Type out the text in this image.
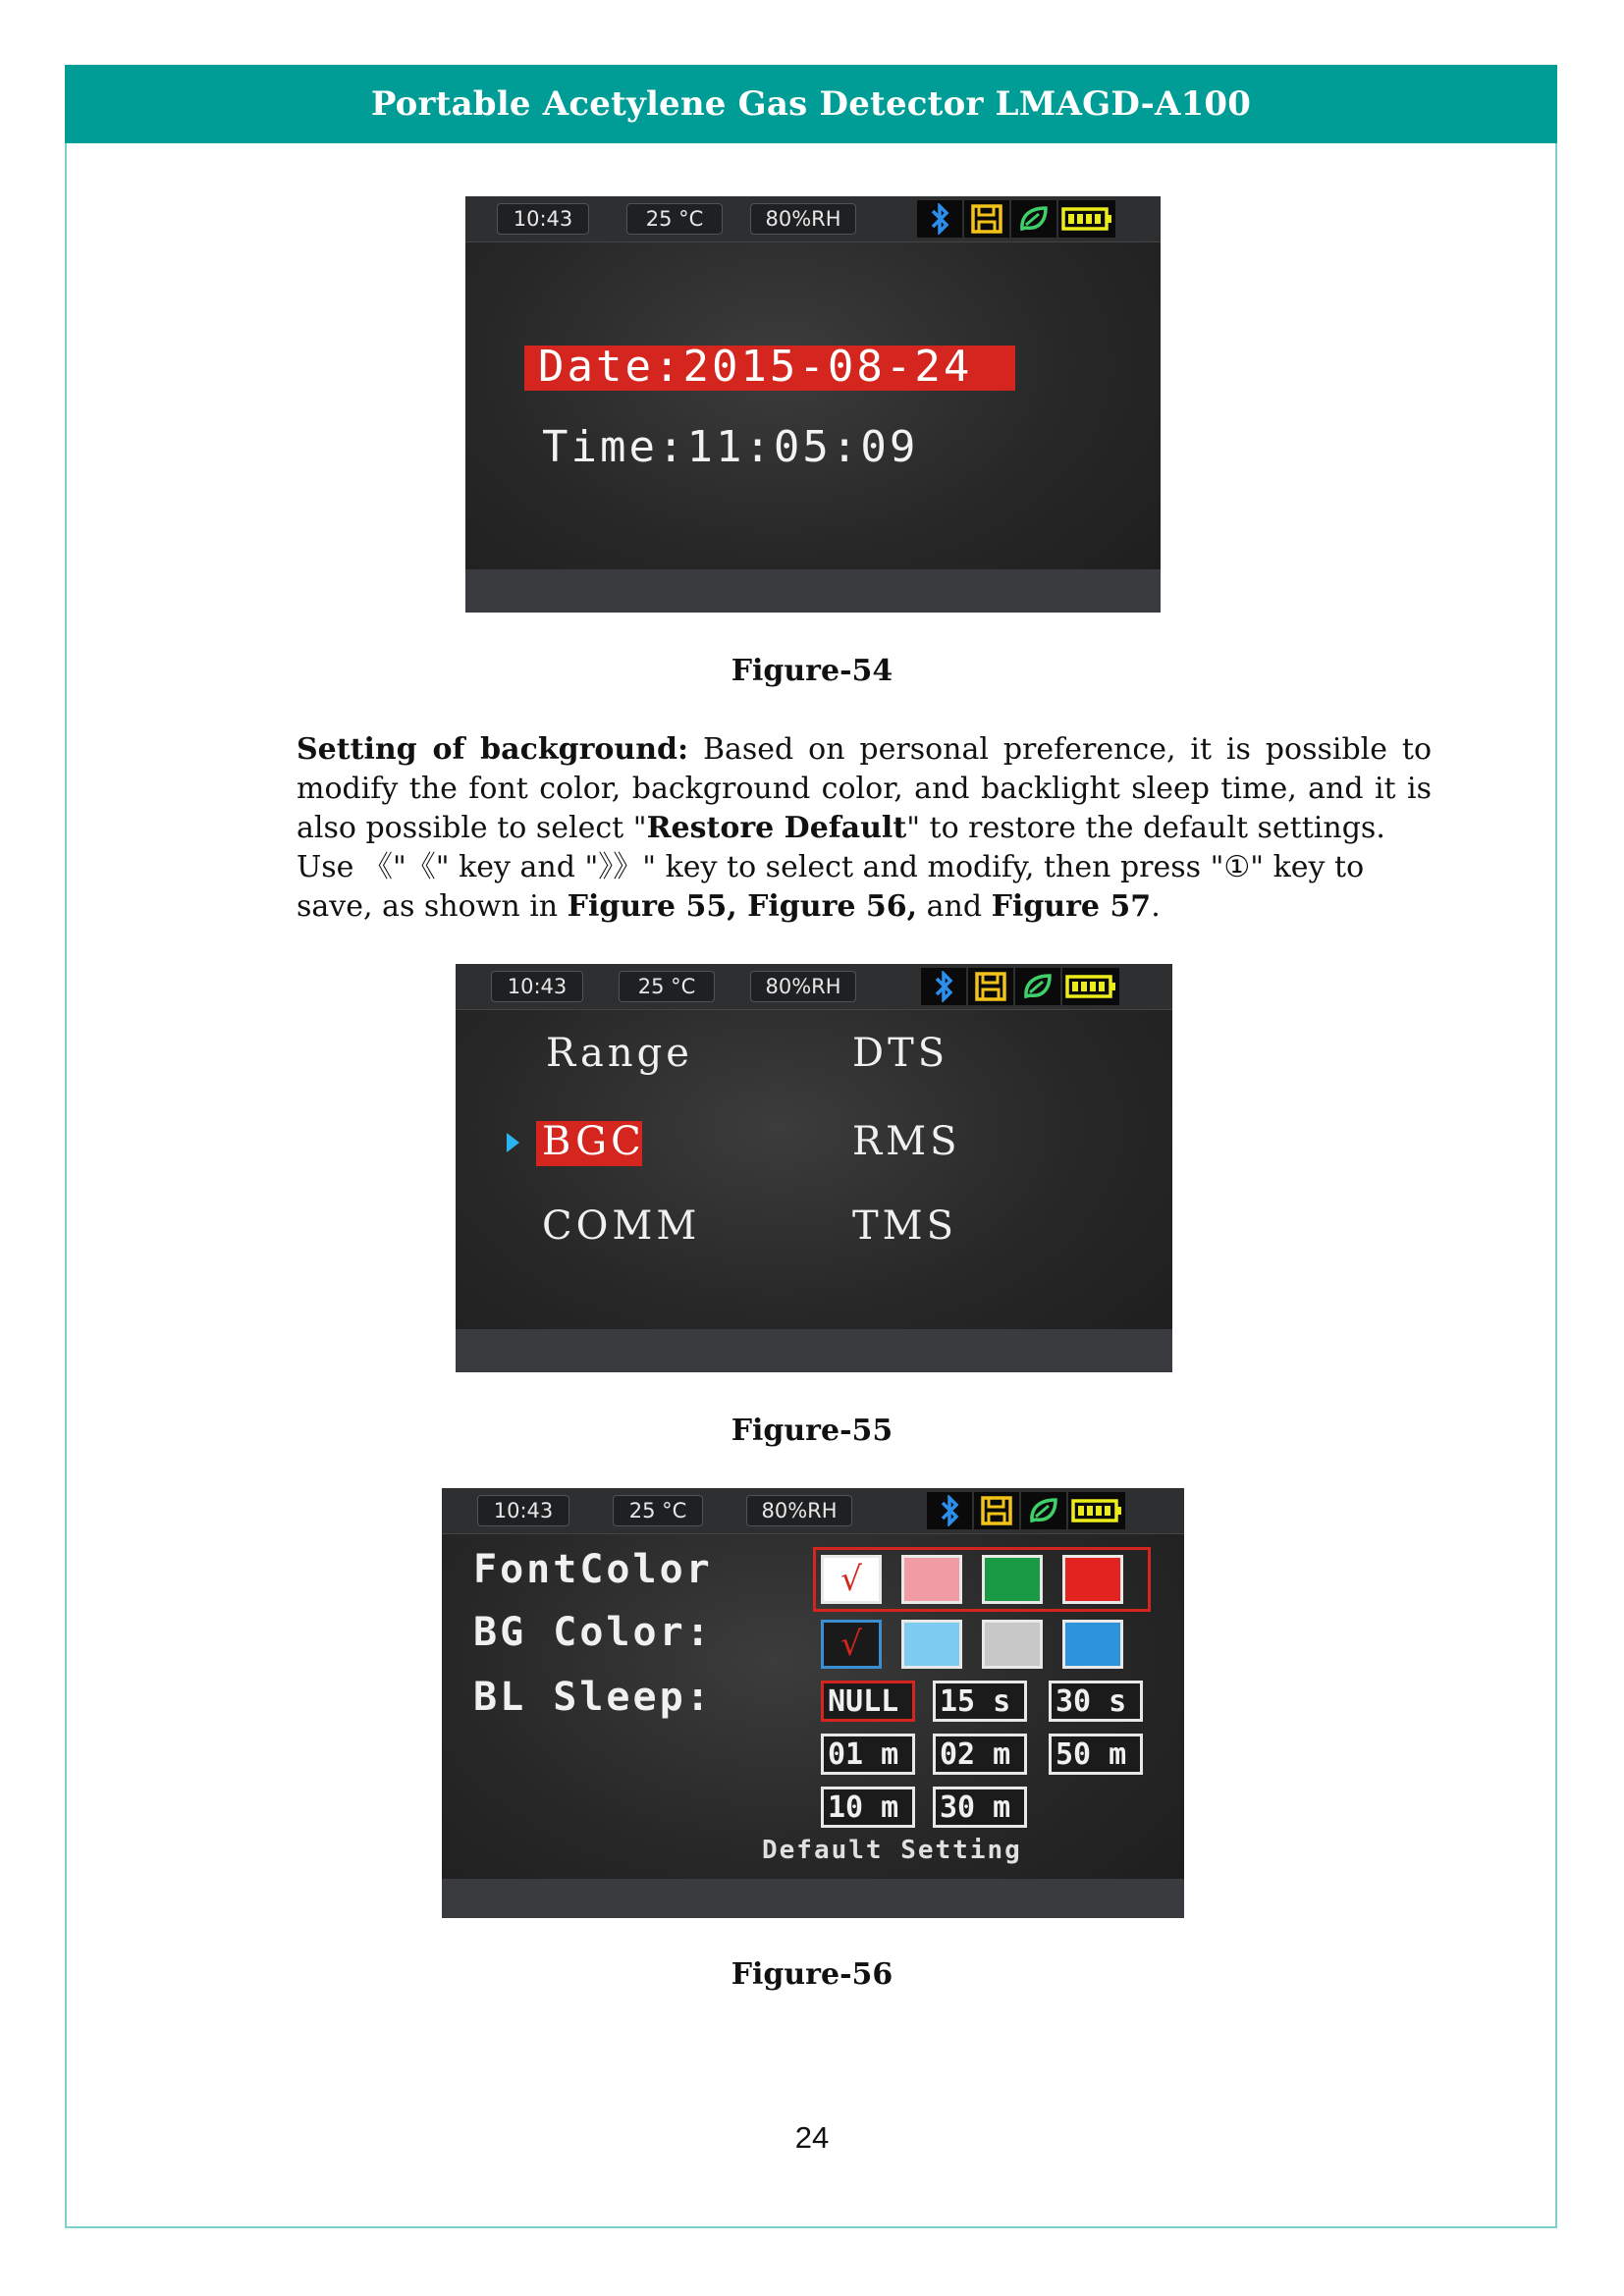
Portable Acetylene Gas Detector LMAGD-A100
10:43	25 °C	80%RH
Date:2015-08-24
Time:11:05:09
Figure-54
Setting of background: Based on personal preference, it is possible to modify the font color, background color, and backlight sleep time, and it is also possible to select "Restore Default" to restore the default settings.
Use 《"《" key and "》》" key to select and modify, then press "①" key to save, as shown in Figure 55, Figure 56, and Figure 57.
10:43	25 °C	80%RH
Range	DTS
BGC	RMS
COMM	TMS
Figure-55
10:43	25 °C	80%RH
FontColor
BG Color:
BL Sleep:
√
√
NULL	15 s	30 s
01 m	02 m	50 m
10 m	30 m
Default Setting
Figure-56
24
